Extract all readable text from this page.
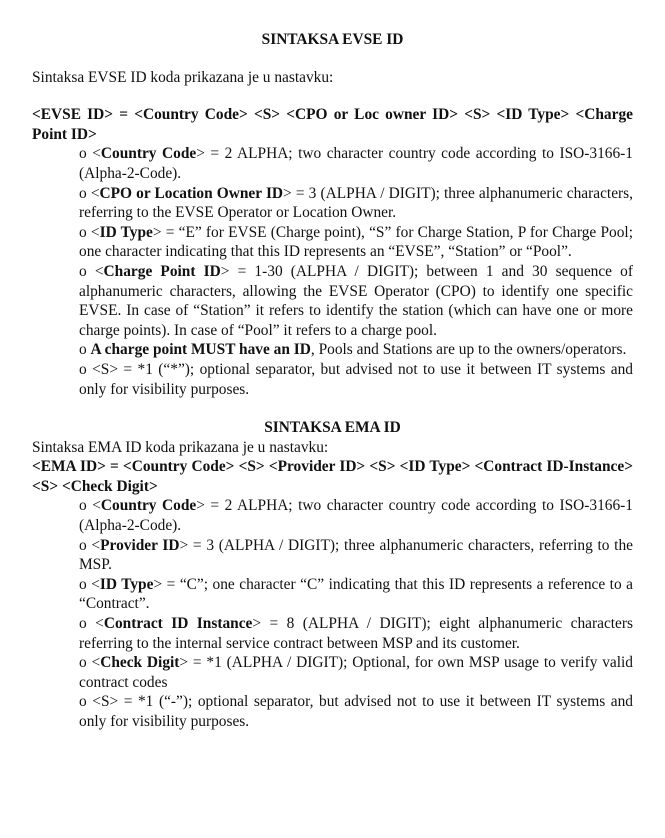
SINTAKSA EVSE ID

Sintaksa EVSE ID koda prikazana je u nastavku:

<EVSE ID> = <Country Code> <S> <CPO or Loc owner ID> <S> <ID Type> <Charge Point ID>

o <Country Code> = 2 ALPHA; two character country code according to ISO-3166-1 (Alpha-2-Code).

o <CPO or Location Owner ID> = 3 (ALPHA / DIGIT); three alphanumeric characters, referring to the EVSE Operator or Location Owner.

o <ID Type> = “E” for EVSE (Charge point), “S” for Charge Station, P for Charge Pool; one character indicating that this ID represents an “EVSE”, “Station” or “Pool”.

o <Charge Point ID> = 1-30 (ALPHA / DIGIT); between 1 and 30 sequence of alphanumeric characters, allowing the EVSE Operator (CPO) to identify one specific EVSE. In case of “Station” it refers to identify the station (which can have one or more charge points). In case of “Pool” it refers to a charge pool.

o A charge point MUST have an ID, Pools and Stations are up to the owners/operators.

o <S> = *1 (“*”); optional separator, but advised not to use it between IT systems and only for visibility purposes.

SINTAKSA EMA ID

Sintaksa EMA ID koda prikazana je u nastavku:

<EMA ID> = <Country Code> <S> <Provider ID> <S> <ID Type> <Contract ID-Instance> <S> <Check Digit>

o <Country Code> = 2 ALPHA; two character country code according to ISO-3166-1 (Alpha-2-Code).

o <Provider ID> = 3 (ALPHA / DIGIT); three alphanumeric characters, referring to the MSP.

o <ID Type> = “C”; one character “C” indicating that this ID represents a reference to a “Contract”.

o <Contract ID Instance> = 8 (ALPHA / DIGIT); eight alphanumeric characters referring to the internal service contract between MSP and its customer.

o <Check Digit> = *1 (ALPHA / DIGIT); Optional, for own MSP usage to verify valid contract codes

o <S> = *1 (“-”); optional separator, but advised not to use it between IT systems and only for visibility purposes.
